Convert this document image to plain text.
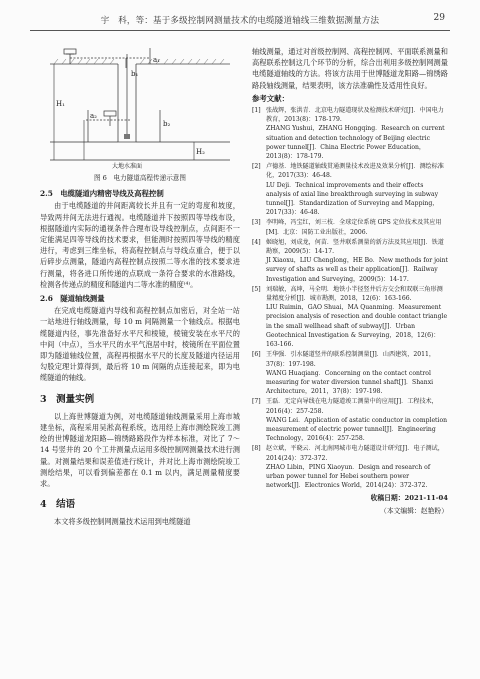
宇　科，等：基于多级控制网测量技术的电缆隧道轴线三维数据测量方法	29
H₁
H₂
a₁
a₂
b₁
b₂
大地水准面
图 6　电力隧道高程传递示意图
2.5　电缆隧道内精密导线及高程控制

由于电缆隧道的井间距离较长并且有一定的弯度和坡度，导致两井间无法进行通视。电缆隧道并下按照四等导线布设，根据隧道内实际的通视条件合理布设导线控制点，点间距不一定能满足四等导线的技术要求，但能测时按照四等导线的精度进行，考虑到三维坐标，将高程控制点与导线点重合，便于以后碎步点测量，隧道内高程控制点按照二等水准的技术要求进行测量，将各进口所传递的点联成一条符合要求的水准路线，检测各传递点的精度和隧道内二等水准的精度⁽⁴⁾。

2.6　隧道轴线测量

在完成电缆隧道内导线和高程控制点加密后，对全站一站一站地进行轴线测量，每 10 m 间隔测量一个轴线点。根据电缆隧道内径，事先准备好水平尺和棱镜，棱镜安装在水平尺的中间（中点），当水平尺的水平气泡居中时，棱镜所在平面位置即为隧道轴线位置，高程再根据水平尺的长度及隧道内径运用勾股定理计算得到，最后将 10 m 间隔的点连接起来，即为电缆隧道的轴线。

3　测量实例

以上海世博隧道为例，对电缆隧道轴线测量采用上海市城建坐标，高程采用吴淞高程系统，选用经上海市测绘院竣工测绘的世博隧道龙阳路—锦绣路路段作为样本标准，对比了 7～14 号竖井的 20 个工井测量点运用多级控制网测量技术进行测量。对测量结果和误差值进行统计，并对比上海市测绘院竣工测绘结果，可以看到偏差都在 0.1 m 以内，满足测量精度要求。

4　结语

本文将多级控制网测量技术运用到电缆隧道

轴线测量，通过对首级控制网、高程控制网、平面联系测量和高程联系控制这几个环节的分析，综合出利用多级控制网测量电缆隧道轴线的方法。将该方法用于世博隧道龙阳路—锦绣路路段轴线测量，结果表明，该方法准确性及适用性良好。

参考文献：
[1] 张战辉，张洪青．北京电力隧道现状及检测技术研究[J]．中国电力教育，2013(8)：178-179.
ZHANG Yushui，ZHANG Hongqing．Research on current situation and detection technology of Beijing electric power tunnel[J]．China Electric Power Education，2013(8)：178-179.
[2] 卢德基．地铁隧道轴线贯通测量技术改进及效果分析[J]．测绘标准化，2017(33)：46-48.
LU Deji．Technical improvements and their effects analysis of axial line breakthrough surveying in subway tunnel[J]．Standardization of Surveying and Mapping，2017(33)：46-48.
[3] 李明峰，冯宝红，刘三枝．全球定位系统 GPS 定位技术及其应用[M]．北京：国防工业出版社，2006.
[4] 姬晓旭，刘成龙，何苗．竖井联系测量的新方法及其应用[J]．铁道勘察，2009(5)：14-17.
JI Xiaoxu，LIU Chenglong，HE Bo．New methods for joint survey of shafts as well as their application[J]．Railway Investigation and Surveying，2009(5)：14-17.
[5] 刘瑞敏，高坤，马全明．地铁小半径竖井后方交会和双联三角形测量精度分析[J]．城市勘测，2018，12(6)：163-166.
LIU Ruimin，GAO Shuai，MA Quanming．Measurement precision analysis of resection and double contact triangle in the small wellhead shaft of subway[J]．Urban Geotechnical Investigation & Surveying，2018，12(6)：163-166.
[6] 王华强．引水隧道竖井的联系控制测量[J]．山西建筑，2011，37(8)：197-198.
WANG Huaqiang．Concerning on the contact control measuring for water diversion tunnel shaft[J]．Shanxi Architecture，2011，37(8)：197-198.
[7] 王磊．无定向导线在电力隧道竣工测量中的应用[J]．工程技术，2016(4)：257-258.
WANG Lei．Application of astatic conductor in completion measurement of electric power tunnel[J]．Engineering Technology，2016(4)：257-258.
[8] 赵立斌，平晓云．河北南网城市电力隧道设计研究[J]．电子测试，2014(24)：372-372.
ZHAO Libin，PING Xiaoyun．Design and research of urban power tunnel for Hebei southern power network[J]．Electronics World，2014(24)：372-372.
收稿日期：2021-11-04
（本文编辑：赵艳粉）
